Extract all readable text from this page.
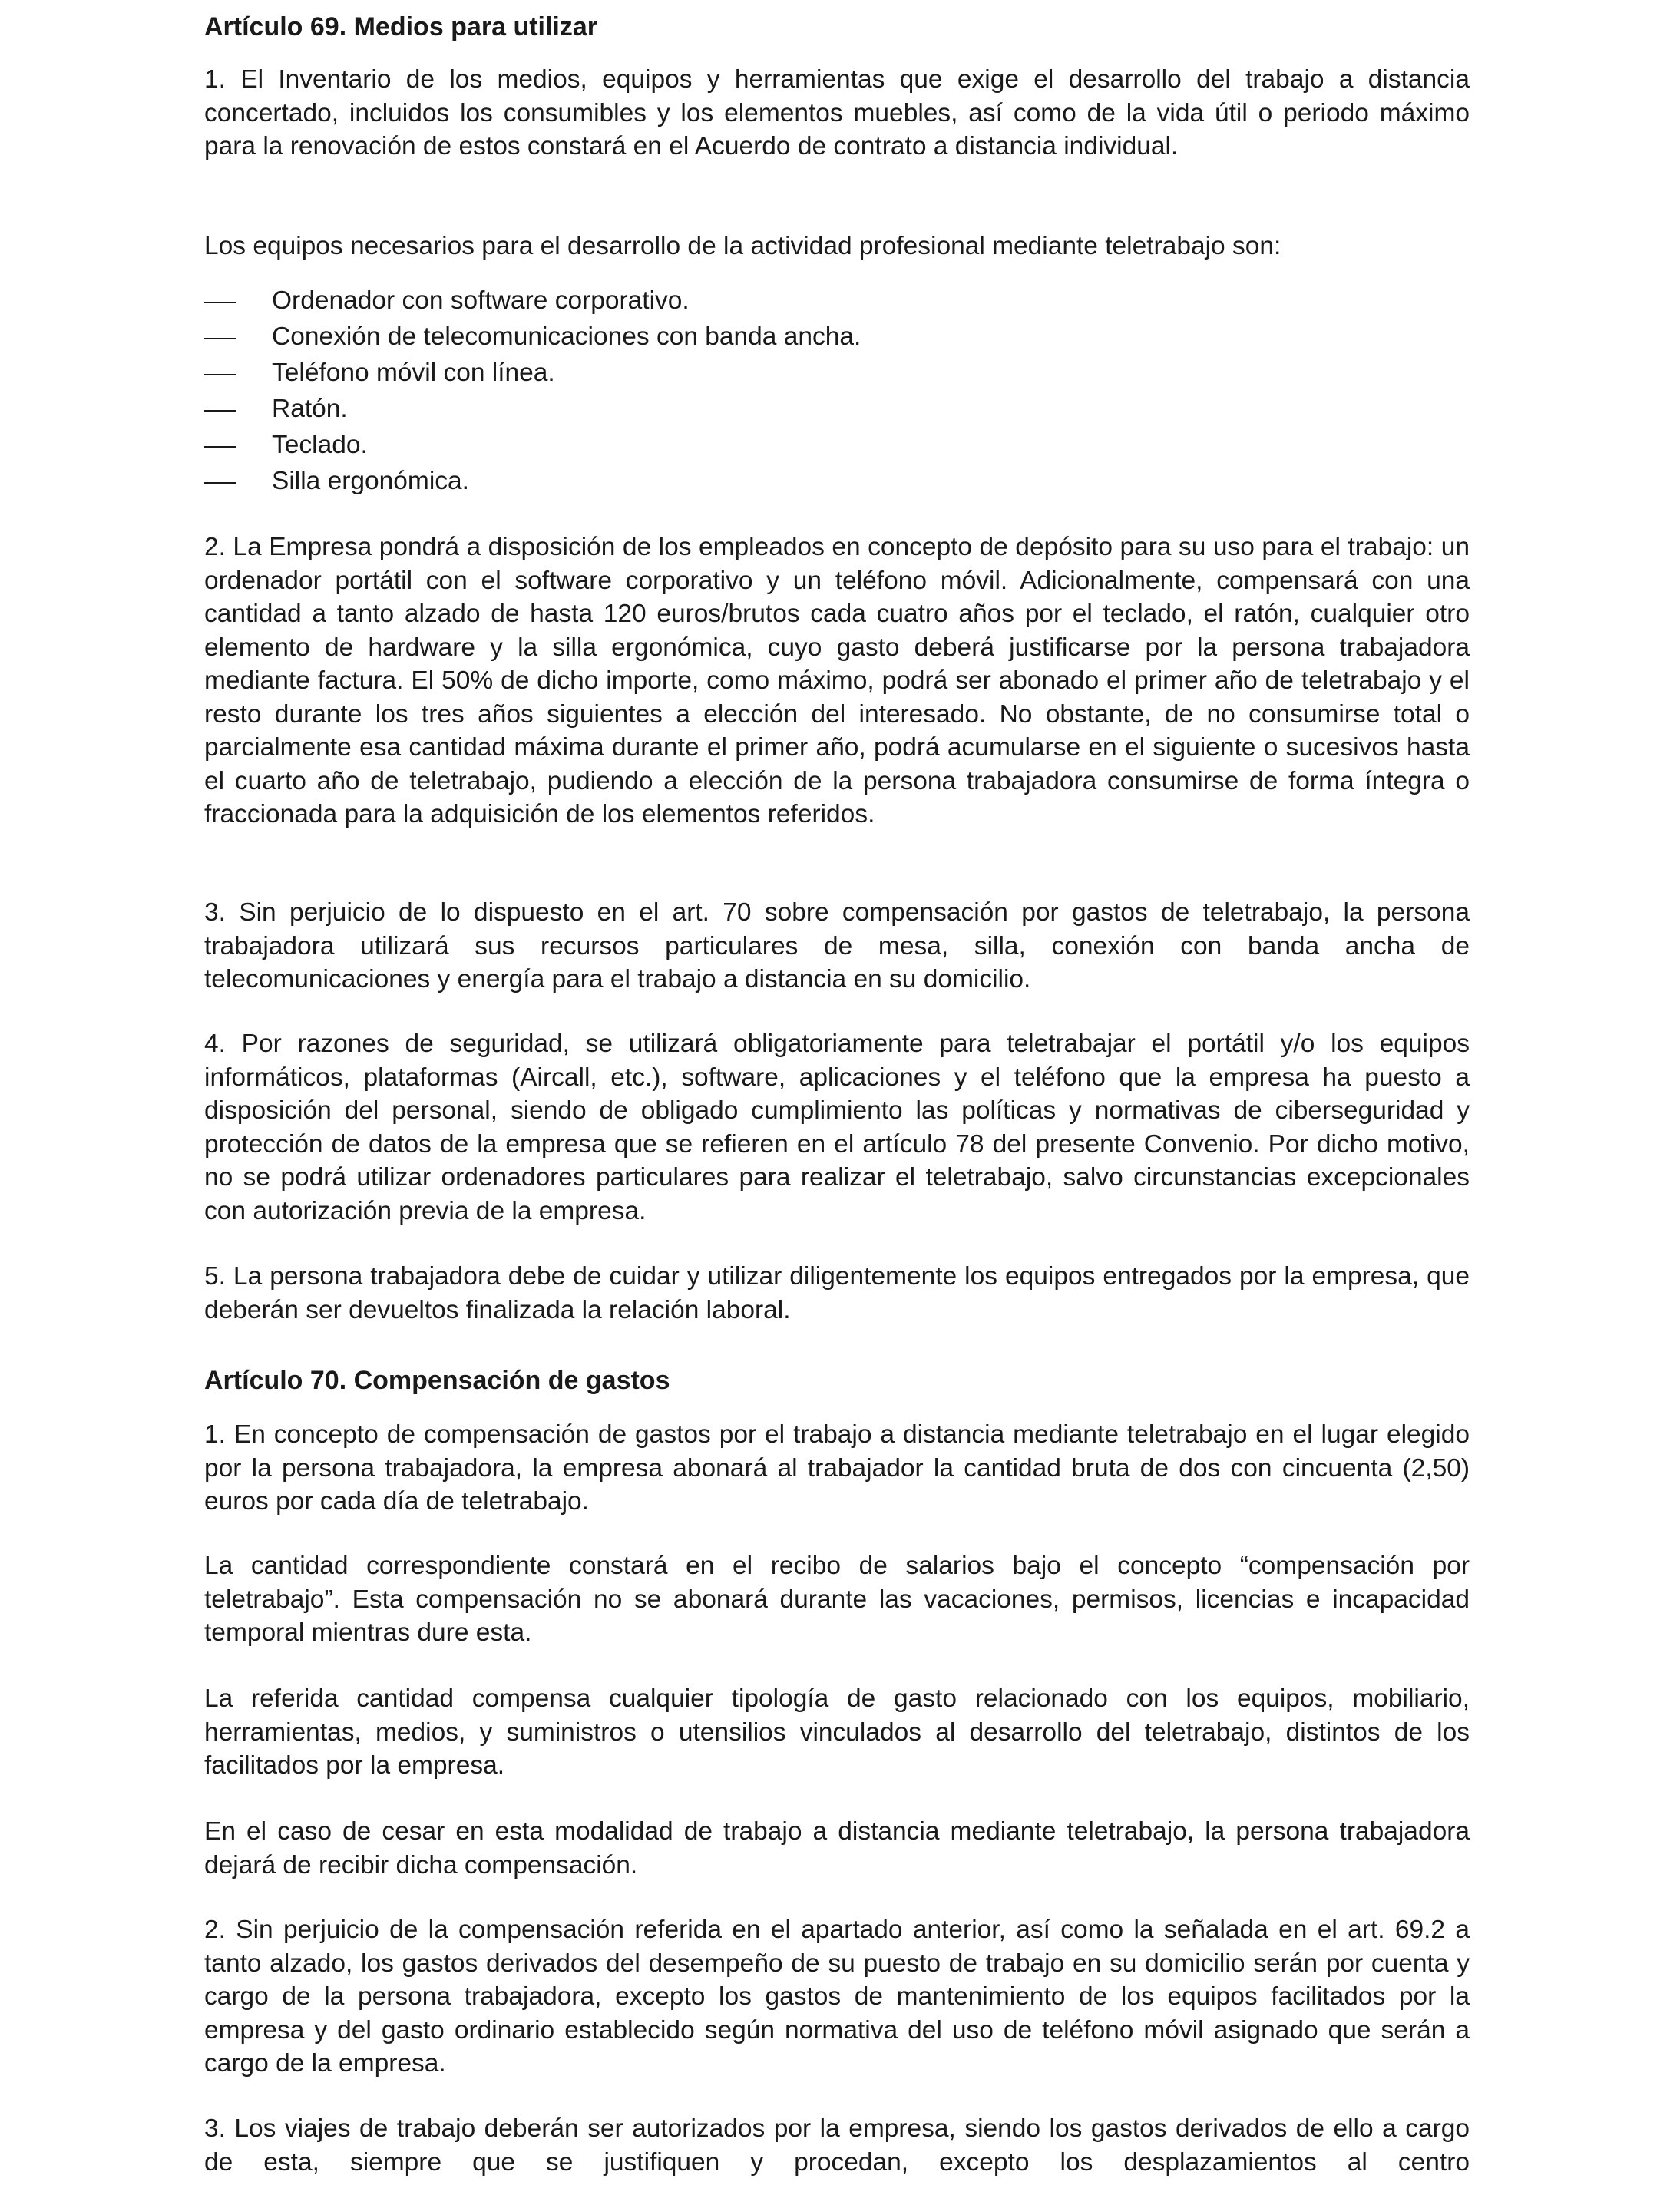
Artículo 69. Medios para utilizar

1. El Inventario de los medios, equipos y herramientas que exige el desarrollo del trabajo a distancia concertado, incluidos los consumibles y los elementos muebles, así como de la vida útil o periodo máximo para la renovación de estos constará en el Acuerdo de contrato a distancia individual.

Los equipos necesarios para el desarrollo de la actividad profesional mediante teletrabajo son:

Ordenador con software corporativo.
Conexión de telecomunicaciones con banda ancha.
Teléfono móvil con línea.
Ratón.
Teclado.
Silla ergonómica.

2. La Empresa pondrá a disposición de los empleados en concepto de depósito para su uso para el trabajo: un ordenador portátil con el software corporativo y un teléfono móvil. Adicionalmente, compensará con una cantidad a tanto alzado de hasta 120 euros/brutos cada cuatro años por el teclado, el ratón, cualquier otro elemento de hardware y la silla ergonómica, cuyo gasto deberá justificarse por la persona trabajadora mediante factura. El 50% de dicho importe, como máximo, podrá ser abonado el primer año de teletrabajo y el resto durante los tres años siguientes a elección del interesado. No obstante, de no consumirse total o parcialmente esa cantidad máxima durante el primer año, podrá acumularse en el siguiente o sucesivos hasta el cuarto año de teletrabajo, pudiendo a elección de la persona trabajadora consumirse de forma íntegra o fraccionada para la adquisición de los elementos referidos.

3. Sin perjuicio de lo dispuesto en el art. 70 sobre compensación por gastos de teletrabajo, la persona trabajadora utilizará sus recursos particulares de mesa, silla, conexión con banda ancha de telecomunicaciones y energía para el trabajo a distancia en su domicilio.

4. Por razones de seguridad, se utilizará obligatoriamente para teletrabajar el portátil y/o los equipos informáticos, plataformas (Aircall, etc.), software, aplicaciones y el teléfono que la empresa ha puesto a disposición del personal, siendo de obligado cumplimiento las políticas y normativas de ciberseguridad y protección de datos de la empresa que se refieren en el artículo 78 del presente Convenio. Por dicho motivo, no se podrá utilizar ordenadores particulares para realizar el teletrabajo, salvo circunstancias excepcionales con autorización previa de la empresa.

5. La persona trabajadora debe de cuidar y utilizar diligentemente los equipos entregados por la empresa, que deberán ser devueltos finalizada la relación laboral.

Artículo 70. Compensación de gastos

1. En concepto de compensación de gastos por el trabajo a distancia mediante teletrabajo en el lugar elegido por la persona trabajadora, la empresa abonará al trabajador la cantidad bruta de dos con cincuenta (2,50) euros por cada día de teletrabajo.

La cantidad correspondiente constará en el recibo de salarios bajo el concepto “compensación por teletrabajo”. Esta compensación no se abonará durante las vacaciones, permisos, licencias e incapacidad temporal mientras dure esta.

La referida cantidad compensa cualquier tipología de gasto relacionado con los equipos, mobiliario, herramientas, medios, y suministros o utensilios vinculados al desarrollo del teletrabajo, distintos de los facilitados por la empresa.

En el caso de cesar en esta modalidad de trabajo a distancia mediante teletrabajo, la persona trabajadora dejará de recibir dicha compensación.

2. Sin perjuicio de la compensación referida en el apartado anterior, así como la señalada en el art. 69.2 a tanto alzado, los gastos derivados del desempeño de su puesto de trabajo en su domicilio serán por cuenta y cargo de la persona trabajadora, excepto los gastos de mantenimiento de los equipos facilitados por la empresa y del gasto ordinario establecido según normativa del uso de teléfono móvil asignado que serán a cargo de la empresa.

3. Los viajes de trabajo deberán ser autorizados por la empresa, siendo los gastos derivados de ello a cargo de esta, siempre que se justifiquen y procedan, excepto los desplazamientos al centro
